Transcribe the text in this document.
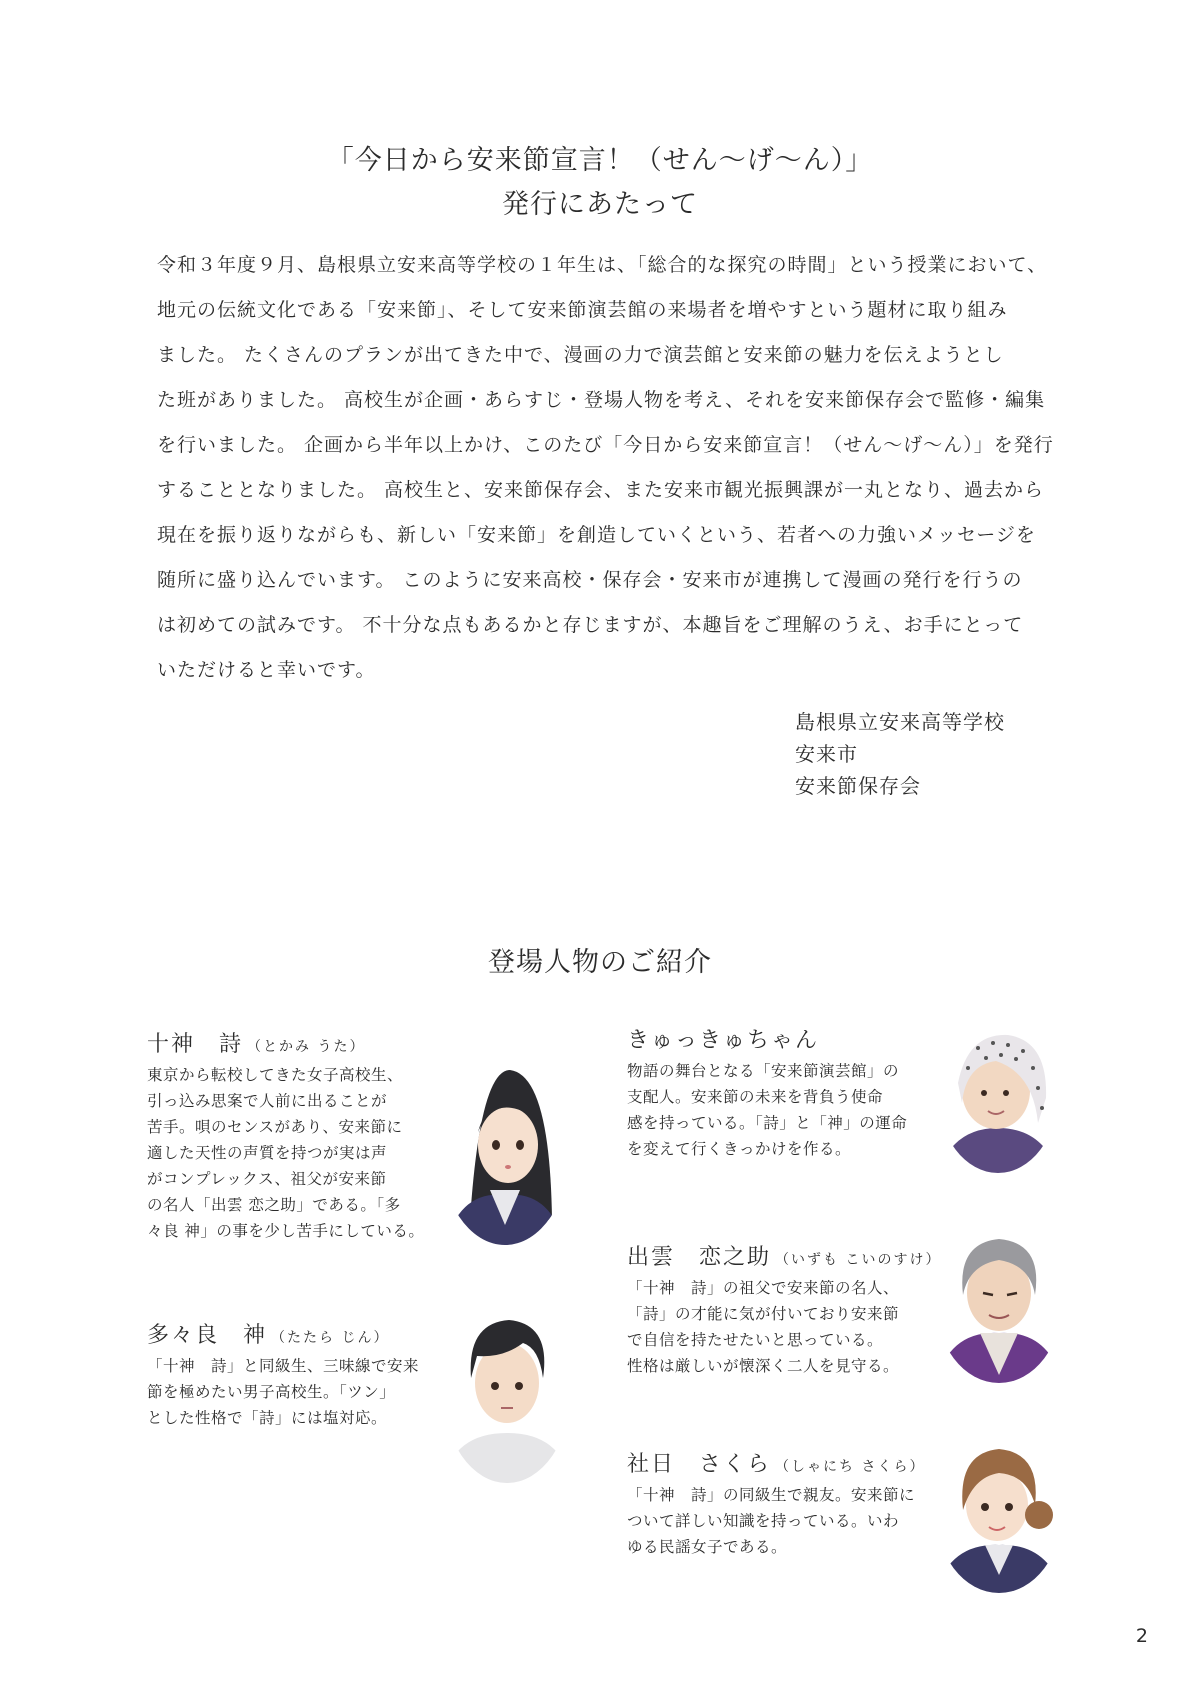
「今日から安来節宣言！（せん〜げ〜ん）」
発行にあたって
令和３年度９月、島根県立安来高等学校の１年生は、「総合的な探究の時間」という授業において、
地元の伝統文化である「安来節」、そして安来節演芸館の来場者を増やすという題材に取り組み
ました。 たくさんのプランが出てきた中で、漫画の力で演芸館と安来節の魅力を伝えようとし
た班がありました。 高校生が企画・あらすじ・登場人物を考え、それを安来節保存会で監修・編集
を行いました。 企画から半年以上かけ、このたび「今日から安来節宣言！（せん〜げ〜ん）」を発行
することとなりました。 高校生と、安来節保存会、また安来市観光振興課が一丸となり、過去から
現在を振り返りながらも、新しい「安来節」を創造していくという、若者への力強いメッセージを
随所に盛り込んでいます。 このように安来高校・保存会・安来市が連携して漫画の発行を行うの
は初めての試みです。 不十分な点もあるかと存じますが、本趣旨をご理解のうえ、お手にとって
いただけると幸いです。
島根県立安来高等学校
安来市
安来節保存会
登場人物のご紹介
十神　詩 （とかみ うた）
東京から転校してきた女子高校生、
引っ込み思案で人前に出ることが
苦手。唄のセンスがあり、安来節に
適した天性の声質を持つが実は声
がコンプレックス、祖父が安来節
の名人「出雲 恋之助」である。「多
々良 神」の事を少し苦手にしている。
きゅっきゅちゃん
物語の舞台となる「安来節演芸館」の
支配人。安来節の未来を背負う使命
感を持っている。「詩」と「神」の運命
を変えて行くきっかけを作る。
出雲　恋之助 （いずも こいのすけ）
「十神　詩」の祖父で安来節の名人、
「詩」の才能に気が付いており安来節
で自信を持たせたいと思っている。
性格は厳しいが懐深く二人を見守る。
多々良　神 （たたら じん）
「十神　詩」と同級生、三味線で安来
節を極めたい男子高校生。「ツン」
とした性格で「詩」には塩対応。
社日　さくら （しゃにち さくら）
「十神　詩」の同級生で親友。安来節に
ついて詳しい知識を持っている。いわ
ゆる民謡女子である。
2
